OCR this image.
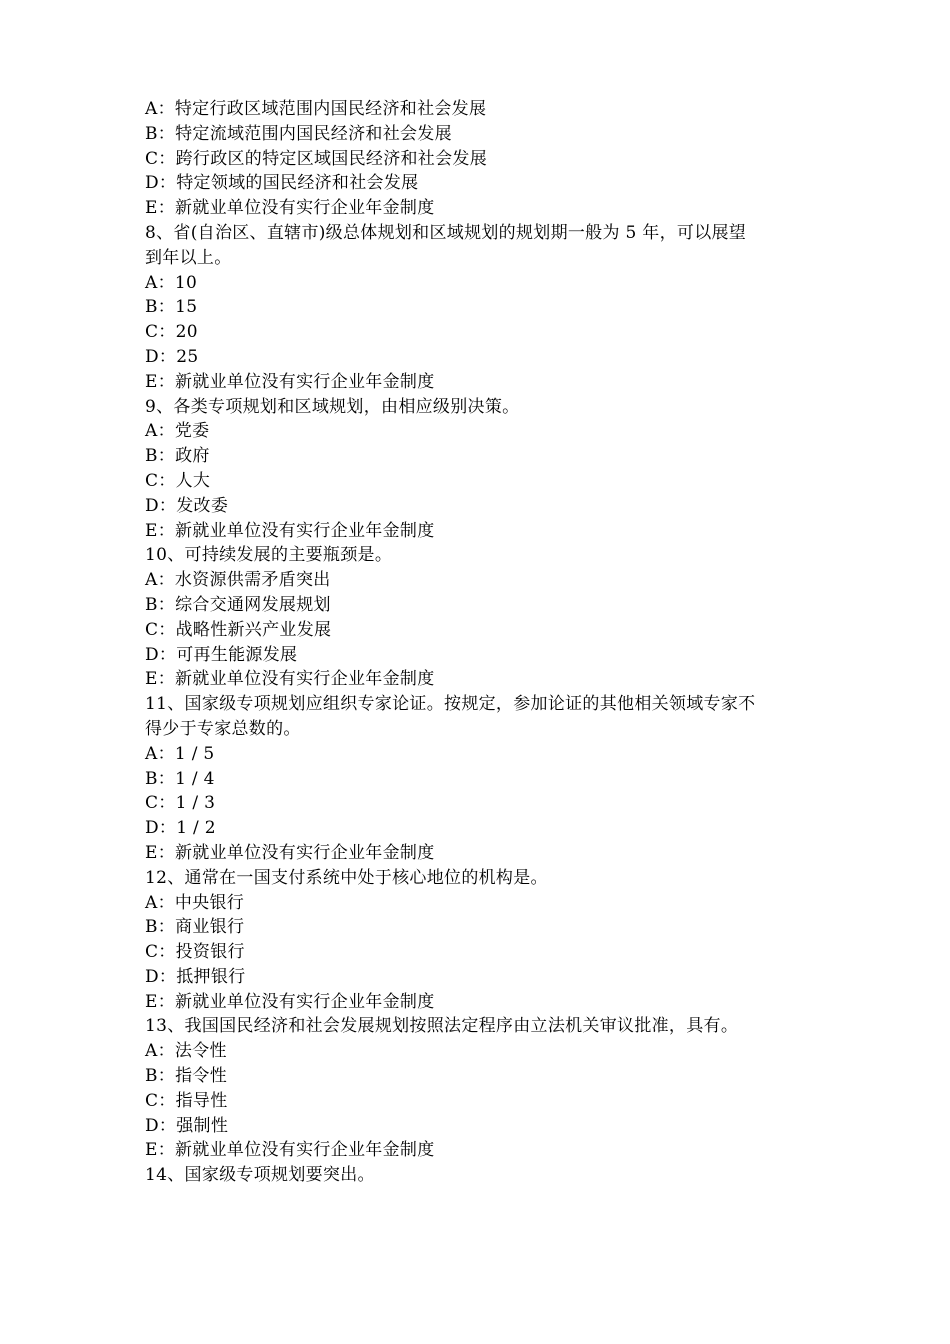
A：特定行政区域范围内国民经济和社会发展
B：特定流域范围内国民经济和社会发展
C：跨行政区的特定区域国民经济和社会发展
D：特定领域的国民经济和社会发展
E：新就业单位没有实行企业年金制度
8、省(自治区、直辖市)级总体规划和区域规划的规划期一般为 5 年，可以展望
到年以上。
A：10
B：15
C：20
D：25
E：新就业单位没有实行企业年金制度
9、各类专项规划和区域规划，由相应级别决策。
A：党委
B：政府
C：人大
D：发改委
E：新就业单位没有实行企业年金制度
10、可持续发展的主要瓶颈是。
A：水资源供需矛盾突出
B：综合交通网发展规划
C：战略性新兴产业发展
D：可再生能源发展
E：新就业单位没有实行企业年金制度
11、国家级专项规划应组织专家论证。按规定，参加论证的其他相关领域专家不
得少于专家总数的。
A：1 / 5
B：1 / 4
C：1 / 3
D：1 / 2
E：新就业单位没有实行企业年金制度
12、通常在一国支付系统中处于核心地位的机构是。
A：中央银行
B：商业银行
C：投资银行
D：抵押银行
E：新就业单位没有实行企业年金制度
13、我国国民经济和社会发展规划按照法定程序由立法机关审议批准，具有。
A：法令性
B：指令性
C：指导性
D：强制性
E：新就业单位没有实行企业年金制度
14、国家级专项规划要突出。
